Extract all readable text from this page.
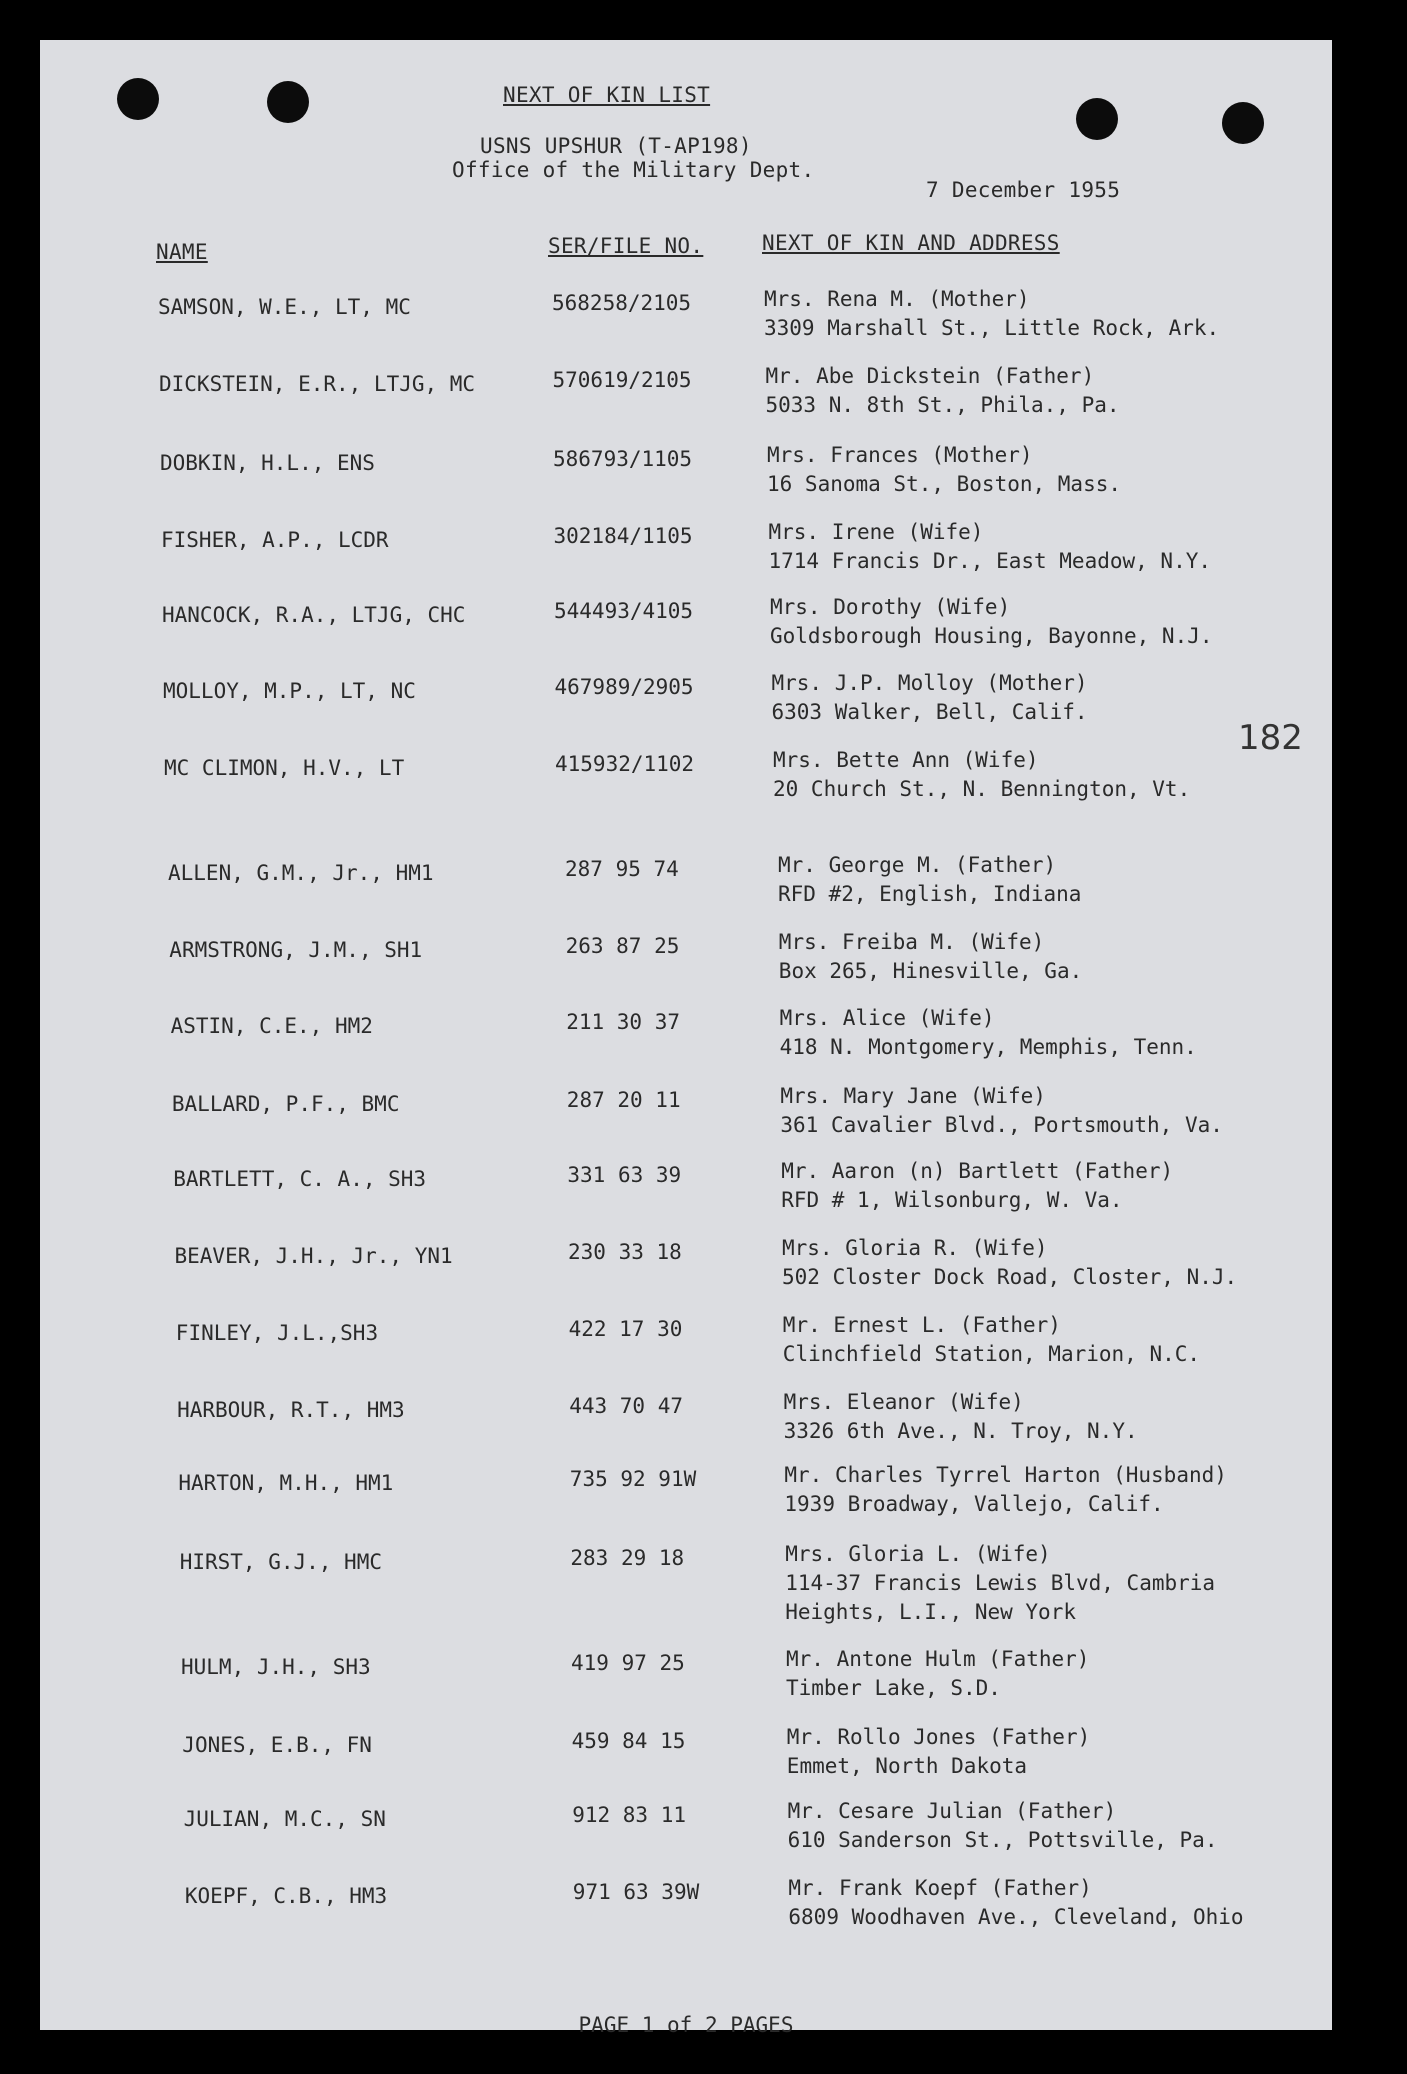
NEXT OF KIN LIST
USNS UPSHUR (T-AP198)
Office of the Military Dept.
7 December 1955
NAME	SER/FILE NO.	NEXT OF KIN AND ADDRESS
SAMSON, W.E., LT, MC	568258/2105	Mrs. Rena M. (Mother)
3309 Marshall St., Little Rock, Ark.
DICKSTEIN, E.R., LTJG, MC	570619/2105	Mr. Abe Dickstein (Father)
5033 N. 8th St., Phila., Pa.
DOBKIN, H.L., ENS	586793/1105	Mrs. Frances (Mother)
16 Sanoma St., Boston, Mass.
FISHER, A.P., LCDR	302184/1105	Mrs. Irene (Wife)
1714 Francis Dr., East Meadow, N.Y.
HANCOCK, R.A., LTJG, CHC	544493/4105	Mrs. Dorothy (Wife)
Goldsborough Housing, Bayonne, N.J.
MOLLOY, M.P., LT, NC	467989/2905	Mrs. J.P. Molloy (Mother)
6303 Walker, Bell, Calif.
MC CLIMON, H.V., LT	415932/1102	Mrs. Bette Ann (Wife)
20 Church St., N. Bennington, Vt.
ALLEN, G.M., Jr., HM1	287 95 74	Mr. George M. (Father)
RFD #2, English, Indiana
ARMSTRONG, J.M., SH1	263 87 25	Mrs. Freiba M. (Wife)
Box 265, Hinesville, Ga.
ASTIN, C.E., HM2	211 30 37	Mrs. Alice (Wife)
418 N. Montgomery, Memphis, Tenn.
BALLARD, P.F., BMC	287 20 11	Mrs. Mary Jane (Wife)
361 Cavalier Blvd., Portsmouth, Va.
BARTLETT, C. A., SH3	331 63 39	Mr. Aaron (n) Bartlett (Father)
RFD # 1, Wilsonburg, W. Va.
BEAVER, J.H., Jr., YN1	230 33 18	Mrs. Gloria R. (Wife)
502 Closter Dock Road, Closter, N.J.
FINLEY, J.L.,SH3	422 17 30	Mr. Ernest L. (Father)
Clinchfield Station, Marion, N.C.
HARBOUR, R.T., HM3	443 70 47	Mrs. Eleanor (Wife)
3326 6th Ave., N. Troy, N.Y.
HARTON, M.H., HM1	735 92 91W	Mr. Charles Tyrrel Harton (Husband)
1939 Broadway, Vallejo, Calif.
HIRST, G.J., HMC	283 29 18	Mrs. Gloria L. (Wife)
114-37 Francis Lewis Blvd, Cambria
Heights, L.I., New York
HULM, J.H., SH3	419 97 25	Mr. Antone Hulm (Father)
Timber Lake, S.D.
JONES, E.B., FN	459 84 15	Mr. Rollo Jones (Father)
Emmet, North Dakota
JULIAN, M.C., SN	912 83 11	Mr. Cesare Julian (Father)
610 Sanderson St., Pottsville, Pa.
KOEPF, C.B., HM3	971 63 39W	Mr. Frank Koepf (Father)
6809 Woodhaven Ave., Cleveland, Ohio
182
PAGE 1 of 2 PAGES
